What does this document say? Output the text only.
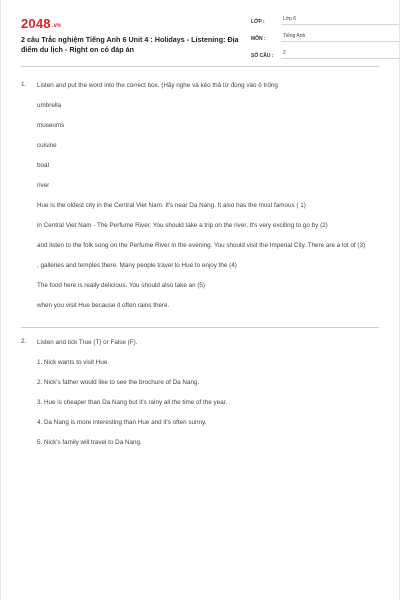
2048.vn
2 câu Trắc nghiệm Tiếng Anh 6 Unit 4 : Holidays - Listening: Địa điểm du lịch - Right on có đáp án
LỚP :	Lớp 6
MÔN :	Tiếng Anh
SỐ CÂU :	2
1.	Listen and put the word into the correct box. (Hãy nghe và kéo thả từ đúng vào ô trống
umbrella
museums
cuisine
boat
river
Hue is the oldest city in the Central Viet Nam. It's near Da Nang. It also has the most famous ( 1)
in Central Viet Nam - The Perfume River. You should take a trip on the river, It's very exciting to go by (2)
and listen to the folk song on the Perfume River in the evening. You should visit the Imperial City. There are a lot of (3)
, galleries and temples there. Many people travel to Hue to enjoy the (4)
The food here is really delicious. You should also take an (5)
when you visit Hue because it often rains there.
2.	Listen and tick True (T) or False (F).
1. Nick wants to visit Hue.
2. Nick's father would like to see the brochure of Da Nang.
3. Hue is cheaper than Da Nang but it's rainy all the time of the year.
4. Da Nang is more interesting than Hue and it's often sunny.
5. Nick's family will travel to Da Nang.
